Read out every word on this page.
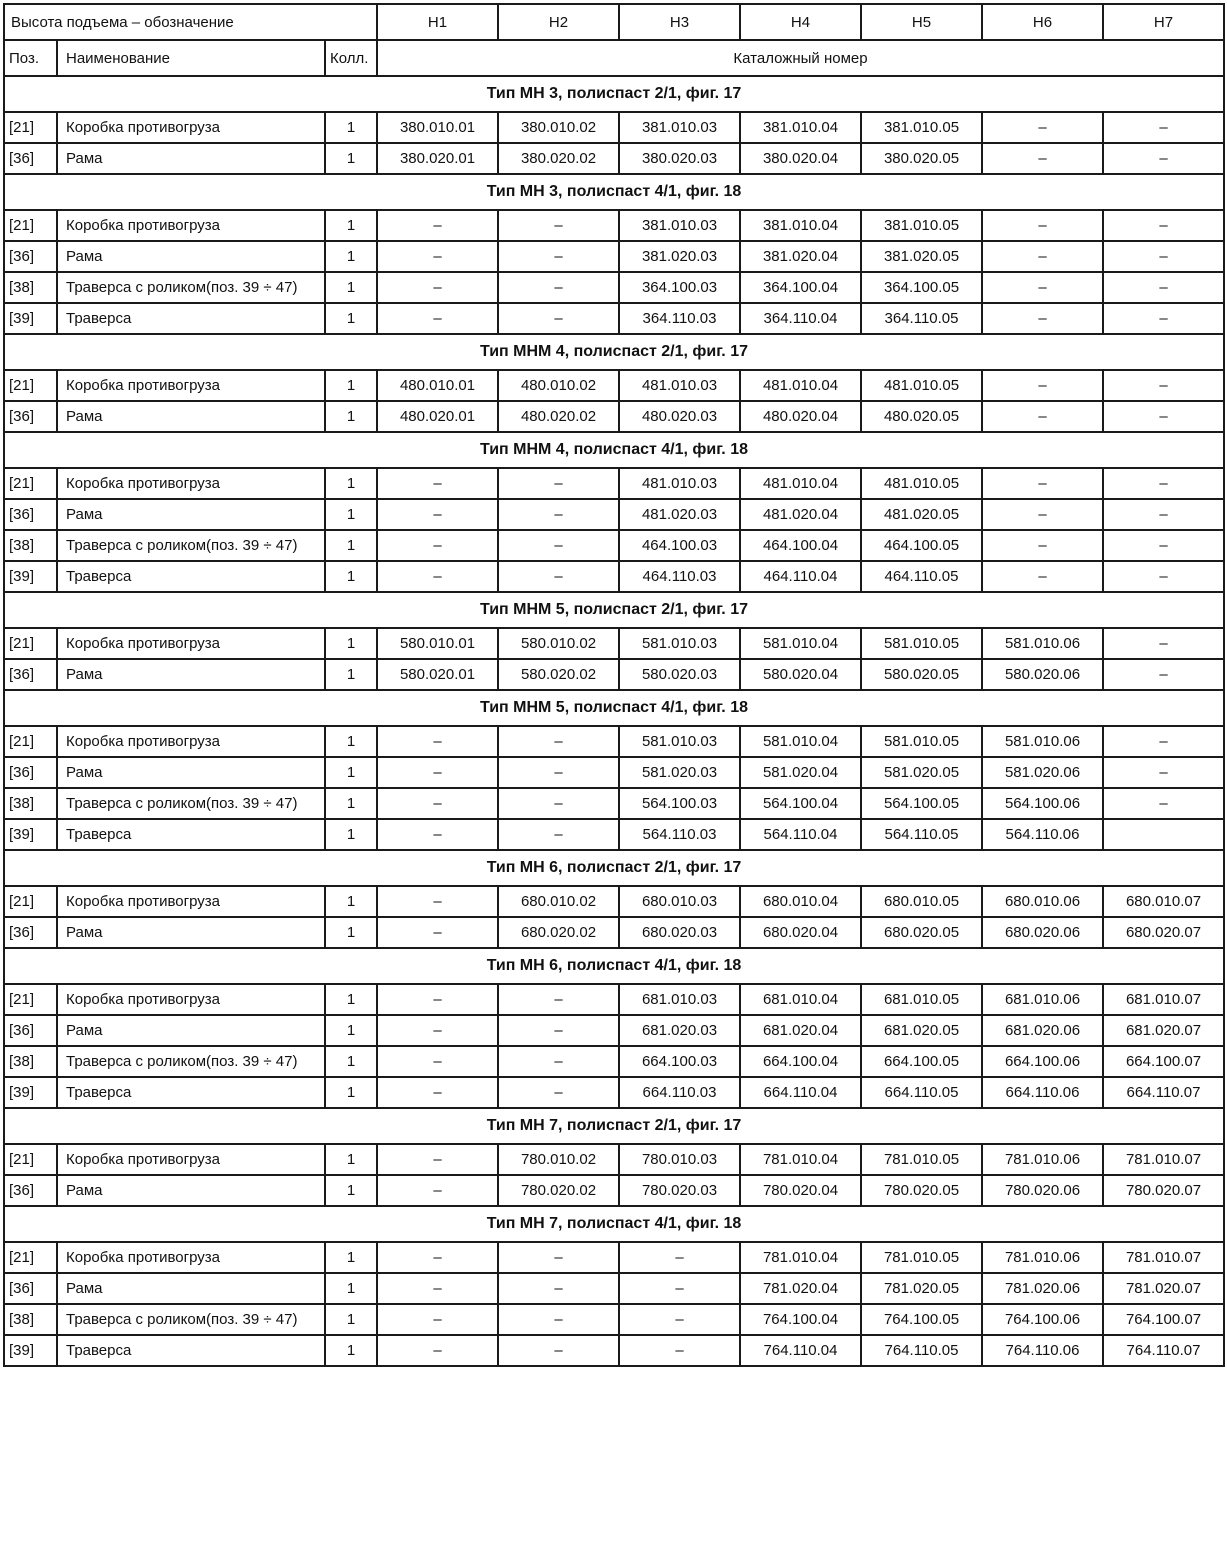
Высота подъема – обозначение			H1	H2	H3	H4	H5	H6	H7
Поз.	Наименование	Колл.	Каталожный номер						
Тип MH 3, полиспаст 2/1, фиг. 17									
[21]	Коробка противогруза	1	380.010.01	380.010.02	381.010.03	381.010.04	381.010.05	–	–
[36]	Рама	1	380.020.01	380.020.02	380.020.03	380.020.04	380.020.05	–	–
Тип MH 3, полиспаст 4/1, фиг. 18									
[21]	Коробка противогруза	1	–	–	381.010.03	381.010.04	381.010.05	–	–
[36]	Рама	1	–	–	381.020.03	381.020.04	381.020.05	–	–
[38]	Траверса с роликом(поз. 39 ÷ 47)	1	–	–	364.100.03	364.100.04	364.100.05	–	–
[39]	Траверса	1	–	–	364.110.03	364.110.04	364.110.05	–	–
Тип MHM 4, полиспаст 2/1, фиг. 17									
[21]	Коробка противогруза	1	480.010.01	480.010.02	481.010.03	481.010.04	481.010.05	–	–
[36]	Рама	1	480.020.01	480.020.02	480.020.03	480.020.04	480.020.05	–	–
Тип MHM 4, полиспаст 4/1, фиг. 18									
[21]	Коробка противогруза	1	–	–	481.010.03	481.010.04	481.010.05	–	–
[36]	Рама	1	–	–	481.020.03	481.020.04	481.020.05	–	–
[38]	Траверса с роликом(поз. 39 ÷ 47)	1	–	–	464.100.03	464.100.04	464.100.05	–	–
[39]	Траверса	1	–	–	464.110.03	464.110.04	464.110.05	–	–
Тип MHM 5, полиспаст 2/1, фиг. 17									
[21]	Коробка противогруза	1	580.010.01	580.010.02	581.010.03	581.010.04	581.010.05	581.010.06	–
[36]	Рама	1	580.020.01	580.020.02	580.020.03	580.020.04	580.020.05	580.020.06	–
Тип MHM 5, полиспаст 4/1, фиг. 18									
[21]	Коробка противогруза	1	–	–	581.010.03	581.010.04	581.010.05	581.010.06	–
[36]	Рама	1	–	–	581.020.03	581.020.04	581.020.05	581.020.06	–
[38]	Траверса с роликом(поз. 39 ÷ 47)	1	–	–	564.100.03	564.100.04	564.100.05	564.100.06	–
[39]	Траверса	1	–	–	564.110.03	564.110.04	564.110.05	564.110.06	
Тип MH 6, полиспаст 2/1, фиг. 17									
[21]	Коробка противогруза	1	–	680.010.02	680.010.03	680.010.04	680.010.05	680.010.06	680.010.07
[36]	Рама	1	–	680.020.02	680.020.03	680.020.04	680.020.05	680.020.06	680.020.07
Тип MH 6, полиспаст 4/1, фиг. 18									
[21]	Коробка противогруза	1	–	–	681.010.03	681.010.04	681.010.05	681.010.06	681.010.07
[36]	Рама	1	–	–	681.020.03	681.020.04	681.020.05	681.020.06	681.020.07
[38]	Траверса с роликом(поз. 39 ÷ 47)	1	–	–	664.100.03	664.100.04	664.100.05	664.100.06	664.100.07
[39]	Траверса	1	–	–	664.110.03	664.110.04	664.110.05	664.110.06	664.110.07
Тип MH 7, полиспаст 2/1, фиг. 17									
[21]	Коробка противогруза	1	–	780.010.02	780.010.03	781.010.04	781.010.05	781.010.06	781.010.07
[36]	Рама	1	–	780.020.02	780.020.03	780.020.04	780.020.05	780.020.06	780.020.07
Тип MH 7, полиспаст 4/1, фиг. 18									
[21]	Коробка противогруза	1	–	–	–	781.010.04	781.010.05	781.010.06	781.010.07
[36]	Рама	1	–	–	–	781.020.04	781.020.05	781.020.06	781.020.07
[38]	Траверса с роликом(поз. 39 ÷ 47)	1	–	–	–	764.100.04	764.100.05	764.100.06	764.100.07
[39]	Траверса	1	–	–	–	764.110.04	764.110.05	764.110.06	764.110.07
